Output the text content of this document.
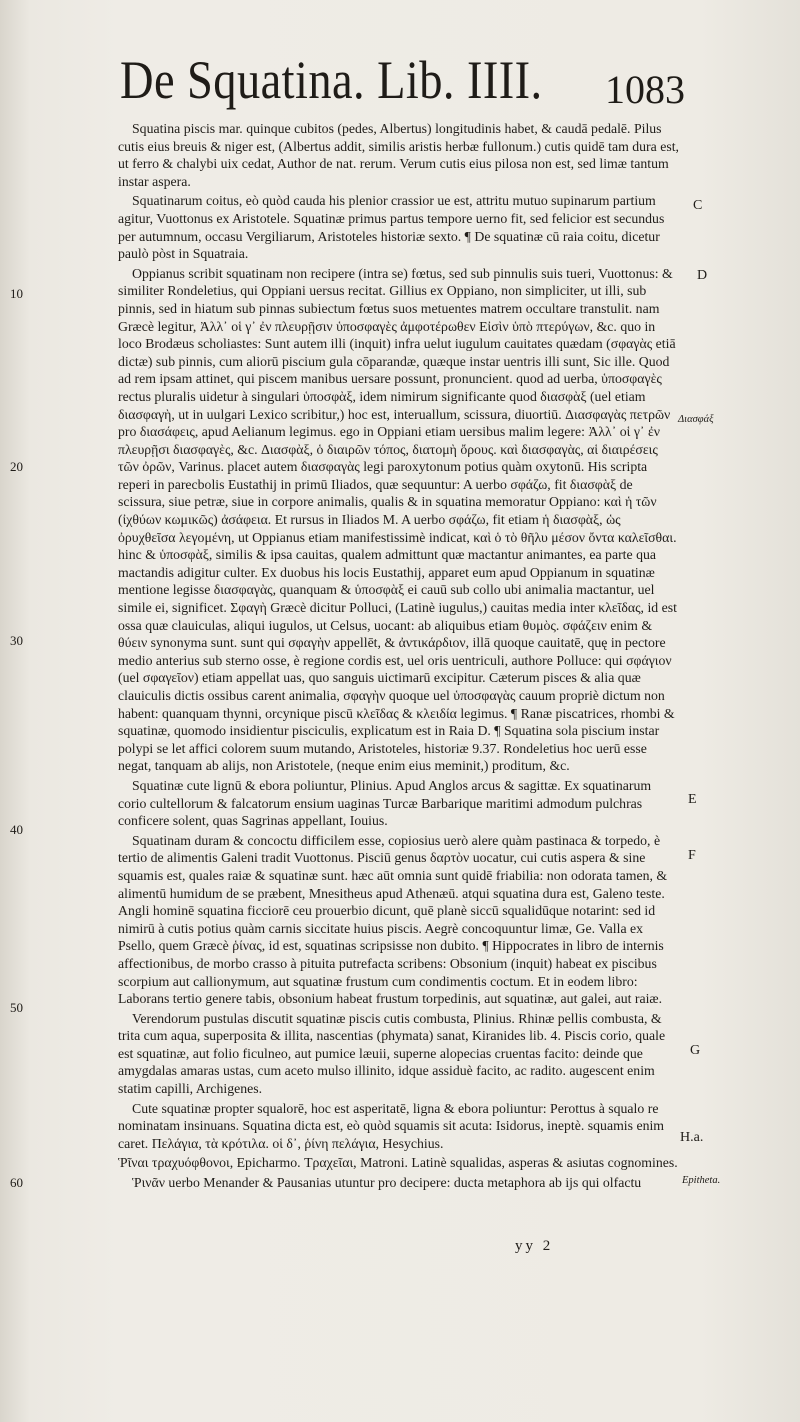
De Squatina. Lib. IIII. 1083

Squatina piscis mar. quinque cubitos (pedes, Albertus) longitudinis habet, & caudā pedalē. Pilus cutis eius breuis & niger est, (Albertus addit, similis aristis herbæ fullonum.) cutis quidē tam dura est, ut ferro & chalybi uix cedat, Author de nat. rerum. Verum cutis eius pilosa non est, sed limæ tantum instar aspera.

Squatinarum coitus, eò quòd cauda his plenior crassior ue est, attritu mutuo supinarum partium agitur, Vuottonus ex Aristotele. Squatinæ primus partus tempore uerno fit, sed felicior est secundus per autumnum, occasu Vergiliarum, Aristoteles historiæ sexto. ¶ De squatinæ cū raia coitu, dicetur paulò pòst in Squatraia.

Oppianus scribit squatinam non recipere (intra se) fœtus, sed sub pinnulis suis tueri, Vuottonus: & similiter Rondeletius, qui Oppiani uersus recitat. Gillius ex Oppiano, non simpliciter, ut illi, sub pinnis, sed in hiatum sub pinnas subiectum fœtus suos metuentes matrem occultare transtulit. nam Græcè legitur, Ἀλλ᾽ οἱ γ᾽ ἐν πλευρῇσιν ὑποσφαγὲς ἀμφοτέρωθεν Εἰσὶν ὑπὸ πτερύγων, &c. quo in loco Brodæus scholiastes: Sunt autem illi (inquit) infra uelut iugulum cauitates quædam (σφαγὰς etiā dictæ) sub pinnis, cum aliorū piscium gula cōparandæ, quæque instar uentris illi sunt, Sic ille. Quod ad rem ipsam attinet, qui piscem manibus uersare possunt, pronuncient. quod ad uerba, ὑποσφαγὲς rectus pluralis uidetur à singulari ὑποσφὰξ, idem nimirum significante quod διασφὰξ (uel etiam διασφαγὴ, ut in uulgari Lexico scribitur,) hoc est, interuallum, scissura, diuortiū. Διασφαγὰς πετρῶν pro διασάφεις, apud Aelianum legimus. ego in Oppiani etiam uersibus malim legere: Ἀλλ᾽ οἱ γ᾽ ἐν πλευρῇσι διασφαγὲς, &c. Διασφὰξ, ὁ διαιρῶν τόπος, διατομὴ ὄρους. καὶ διασφαγὰς, αἱ διαιρέσεις τῶν ὀρῶν, Varinus. placet autem διασφαγὰς legi paroxytonum potius quàm oxytonū. His scripta reperi in parecbolis Eustathij in primū Iliados, quæ sequuntur: A uerbo σφάζω, fit διασφὰξ de scissura, siue petræ, siue in corpore animalis, qualis & in squatina memoratur Oppiano: καὶ ἡ τῶν (ἰχθύων κωμικῶς) ἀσάφεια. Et rursus in Iliados M. A uerbo σφάζω, fit etiam ἡ διασφὰξ, ὡς ὀρυχθεῖσα λεγομένη, ut Oppianus etiam manifestissimè indicat, καὶ ὁ τὸ θῆλυ μέσον ὄντα καλεῖσθαι. hinc & ὑποσφὰξ, similis & ipsa cauitas, qualem admittunt quæ mactantur animantes, ea parte qua mactandis adigitur culter. Ex duobus his locis Eustathij, apparet eum apud Oppianum in squatinæ mentione legisse διασφαγὰς, quanquam & ὑποσφὰξ ei cauū sub collo ubi animalia mactantur, uel simile ei, significet. Σφαγὴ Græcè dicitur Polluci, (Latinè iugulus,) cauitas media inter κλεῖδας, id est ossa quæ clauiculas, aliqui iugulos, ut Celsus, uocant: ab aliquibus etiam θυμὸς. σφάζειν enim & θύειν synonyma sunt. sunt qui σφαγὴν appellēt, & ἀντικάρδιον, illā quoque cauitatē, quę in pectore medio anterius sub sterno osse, è regione cordis est, uel oris uentriculi, authore Polluce: qui σφάγιον (uel σφαγεῖον) etiam appellat uas, quo sanguis uictimarū excipitur. Cæterum pisces & alia quæ clauiculis dictis ossibus carent animalia, σφαγὴν quoque uel ὑποσφαγὰς cauum propriè dictum non habent: quanquam thynni, orcynique piscū κλεῖδας & κλειδία legimus. ¶ Ranæ piscatrices, rhombi & squatinæ, quomodo insidientur pisciculis, explicatum est in Raia D. ¶ Squatina sola piscium instar polypi se let affici colorem suum mutando, Aristoteles, historiæ 9.37. Rondeletius hoc uerū esse negat, tanquam ab alijs, non Aristotele, (neque enim eius meminit,) proditum, &c.

Squatinæ cute lignū & ebora poliuntur, Plinius. Apud Anglos arcus & sagittæ. Ex squatinarum corio cultellorum & falcatorum ensium uaginas Turcæ Barbarique maritimi admodum pulchras conficere solent, quas Sagrinas appellant, Iouius.

Squatinam duram & concoctu difficilem esse, copiosius uerò alere quàm pastinaca & torpedo, è tertio de alimentis Galeni tradit Vuottonus. Pisciū genus δαρτὸν uocatur, cui cutis aspera & sine squamis est, quales raiæ & squatinæ sunt. hæc aūt omnia sunt quidē friabilia: non odorata tamen, & alimentū humidum de se præbent, Mnesitheus apud Athenæū. atqui squatina dura est, Galeno teste. Angli hominē squatina ficciorē ceu prouerbio dicunt, quē planè siccū squalidūque notarint: sed id nimirū à cutis potius quàm carnis siccitate huius piscis. Aegrè concoquuntur limæ, Ge. Valla ex Psello, quem Græcè ῥίνας, id est, squatinas scripsisse non dubito. ¶ Hippocrates in libro de internis affectionibus, de morbo crasso à pituita putrefacta scribens: Obsonium (inquit) habeat ex piscibus scorpium aut callionymum, aut squatinæ frustum cum condimentis coctum. Et in eodem libro: Laborans tertio genere tabis, obsonium habeat frustum torpedinis, aut squatinæ, aut galei, aut raiæ.

Verendorum pustulas discutit squatinæ piscis cutis combusta, Plinius. Rhinæ pellis combusta, & trita cum aqua, superposita & illita, nascentias (phymata) sanat, Kiranides lib. 4. Piscis corio, quale est squatinæ, aut folio ficulneo, aut pumice læuii, superne alopecias cruentas facito: deinde que amygdalas amaras ustas, cum aceto mulso illinito, idque assiduè facito, ac radito. augescent enim statim capilli, Archigenes.

Cute squatinæ propter squalorē, hoc est asperitatē, ligna & ebora poliuntur: Perottus à squalo re nominatam insinuans. Squatina dicta est, eò quòd squamis sit acuta: Isidorus, ineptè. squamis enim caret. Πελάγια, τὰ κρότιλα. οἱ δ᾽, ῥίνη πελάγια, Hesychius.

Ῥῖναι τραχυόφθονοι, Epicharmo. Τραχεῖαι, Matroni. Latinè squalidas, asperas & asiutas cognomines.

Ῥινᾶν uerbo Menander & Pausanias utuntur pro decipere: ducta metaphora ab ijs qui olfactu

C
D
E
F
G
H.a.
Διασφάξ
Epitheta.
10
20
30
40
50
60
yy 2
